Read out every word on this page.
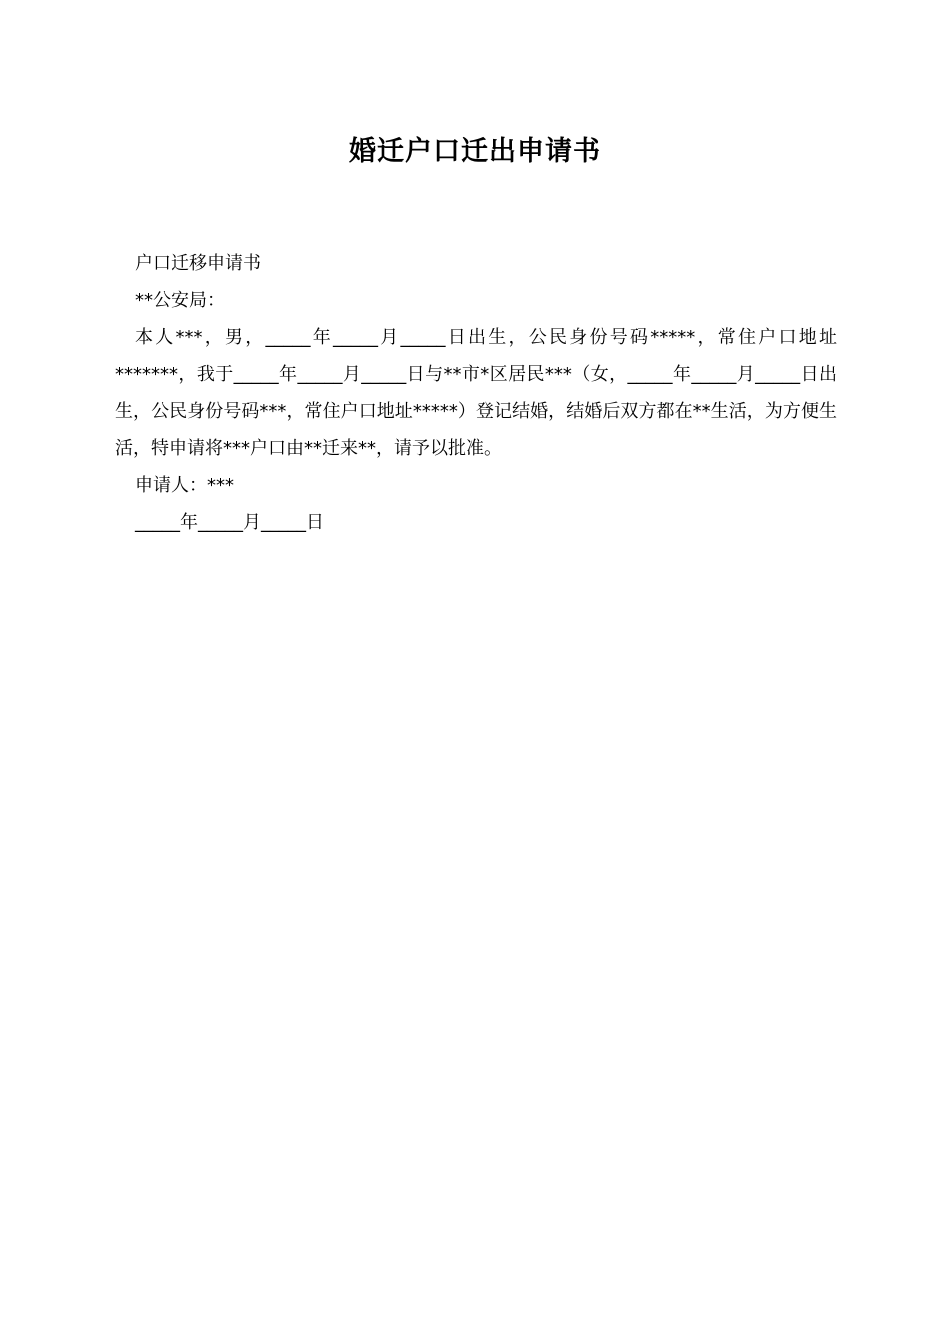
婚迁户口迁出申请书

户口迁移申请书

**公安局：

本人***，男，_____年_____月_____日出生，公民身份号码*****，常住户口地址*******，我于_____年_____月_____日与**市*区居民***（女，_____年_____月_____日出生，公民身份号码***，常住户口地址*****）登记结婚，结婚后双方都在**生活，为方便生活，特申请将***户口由**迁来**，请予以批准。

申请人：***

_____年_____月_____日
